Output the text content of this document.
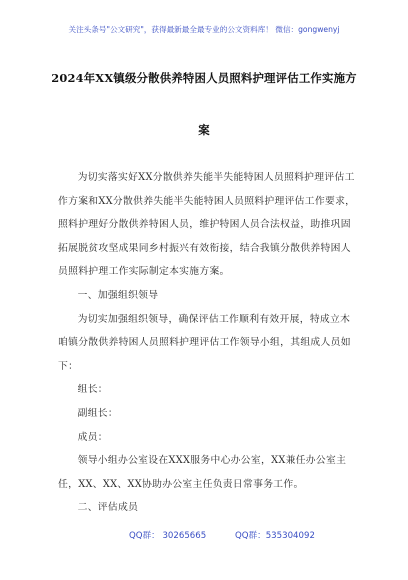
关注头条号"公文研究"，获得最新最全最专业的公文资料库！ 微信：gongwenyj
2024年XX镇级分散供养特困人员照料护理评估工作实施方
案

为切实落实好XX分散供养失能半失能特困人员照料护理评估工作方案和XX分散供养失能半失能特困人员照料护理评估工作要求，照料护理好分散供养特困人员，维护特困人员合法权益，助推巩固拓展脱贫攻坚成果同乡村振兴有效衔接，结合我镇分散供养特困人员照料护理工作实际制定本实施方案。

一、加强组织领导

为切实加强组织领导，确保评估工作顺利有效开展，特成立木咱镇分散供养特困人员照料护理评估工作领导小组，其组成人员如下：

组长：

副组长：

成员：

领导小组办公室设在XXX服务中心办公室，XX兼任办公室主任，XX、XX、XX协助办公室主任负责日常事务工作。

二、评估成员

QQ群： 30265665	QQ群：535304092
